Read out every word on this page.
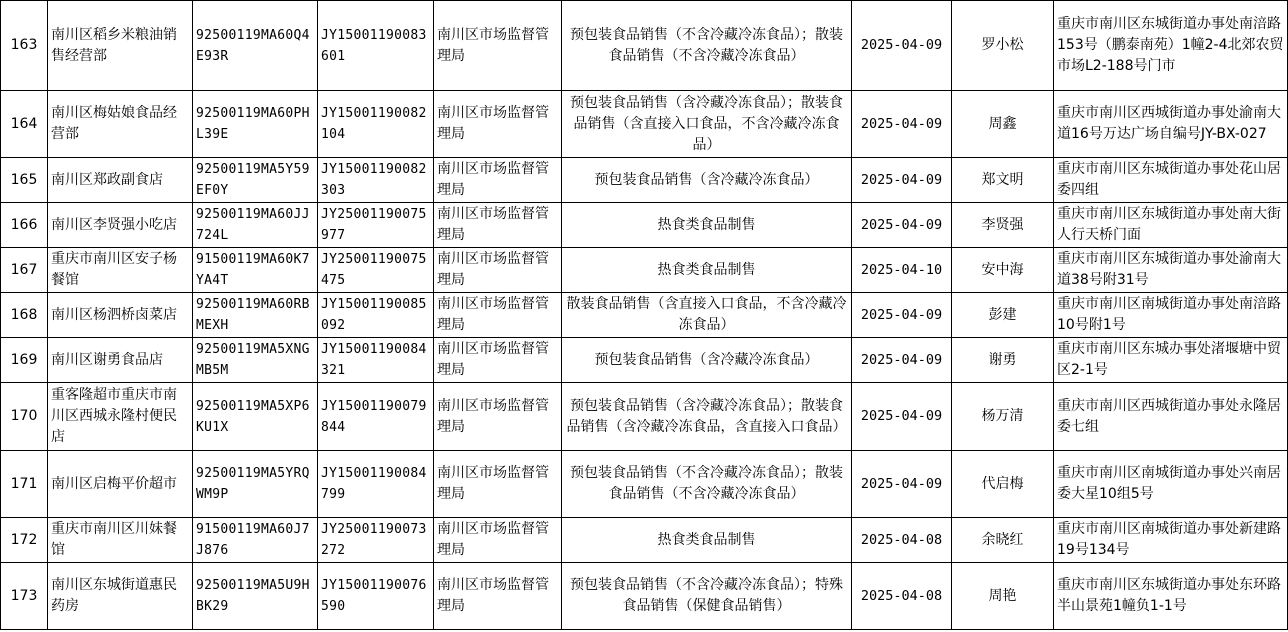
163	南川区稻乡米粮油销售经营部	92500119MA60Q4E93R	JY15001190083601	南川区市场监督管理局	预包装食品销售（不含冷藏冷冻食品）；散装食品销售（不含冷藏冷冻食品）	2025-04-09	罗小松	重庆市南川区东城街道办事处南涪路153号（鹏泰南苑）1幢2-4北郊农贸市场L2-188号门市
164	南川区梅姑娘食品经营部	92500119MA60PHL39E	JY15001190082104	南川区市场监督管理局	预包装食品销售（含冷藏冷冻食品）；散装食品销售（含直接入口食品，不含冷藏冷冻食品）	2025-04-09	周鑫	重庆市南川区西城街道办事处渝南大道16号万达广场自编号JY-BX-027
165	南川区郑政副食店	92500119MA5Y59EF0Y	JY15001190082303	南川区市场监督管理局	预包装食品销售（含冷藏冷冻食品）	2025-04-09	郑文明	重庆市南川区东城街道办事处花山居委四组
166	南川区李贤强小吃店	92500119MA60JJ724L	JY25001190075977	南川区市场监督管理局	热食类食品制售	2025-04-09	李贤强	重庆市南川区东城街道办事处南大街人行天桥门面
167	重庆市南川区安子杨餐馆	91500119MA60K7YA4T	JY25001190075475	南川区市场监督管理局	热食类食品制售	2025-04-10	安中海	重庆市南川区东城街道办事处渝南大道38号附31号
168	南川区杨泗桥卤菜店	92500119MA60RBMEXH	JY15001190085092	南川区市场监督管理局	散装食品销售（含直接入口食品，不含冷藏冷冻食品）	2025-04-09	彭建	重庆市南川区南城街道办事处南涪路10号附1号
169	南川区谢勇食品店	92500119MA5XNGMB5M	JY15001190084321	南川区市场监督管理局	预包装食品销售（含冷藏冷冻食品）	2025-04-09	谢勇	重庆市南川区东城办事处渚堰塘中贸区2-1号
170	重客隆超市重庆市南川区西城永隆村便民店	92500119MA5XP6KU1X	JY15001190079844	南川区市场监督管理局	预包装食品销售（含冷藏冷冻食品）；散装食品销售（含冷藏冷冻食品，含直接入口食品）	2025-04-09	杨万清	重庆市南川区西城街道办事处永隆居委七组
171	南川区启梅平价超市	92500119MA5YRQWM9P	JY15001190084799	南川区市场监督管理局	预包装食品销售（不含冷藏冷冻食品）；散装食品销售（不含冷藏冷冻食品）	2025-04-09	代启梅	重庆市南川区南城街道办事处兴南居委大星10组5号
172	重庆市南川区川妹餐馆	91500119MA60J7J876	JY25001190073272	南川区市场监督管理局	热食类食品制售	2025-04-08	余晓红	重庆市南川区南城街道办事处新建路19号134号
173	南川区东城街道惠民药房	92500119MA5U9HBK29	JY15001190076590	南川区市场监督管理局	预包装食品销售（不含冷藏冷冻食品）；特殊食品销售（保健食品销售）	2025-04-08	周艳	重庆市南川区东城街道办事处东环路半山景苑1幢负1-1号
